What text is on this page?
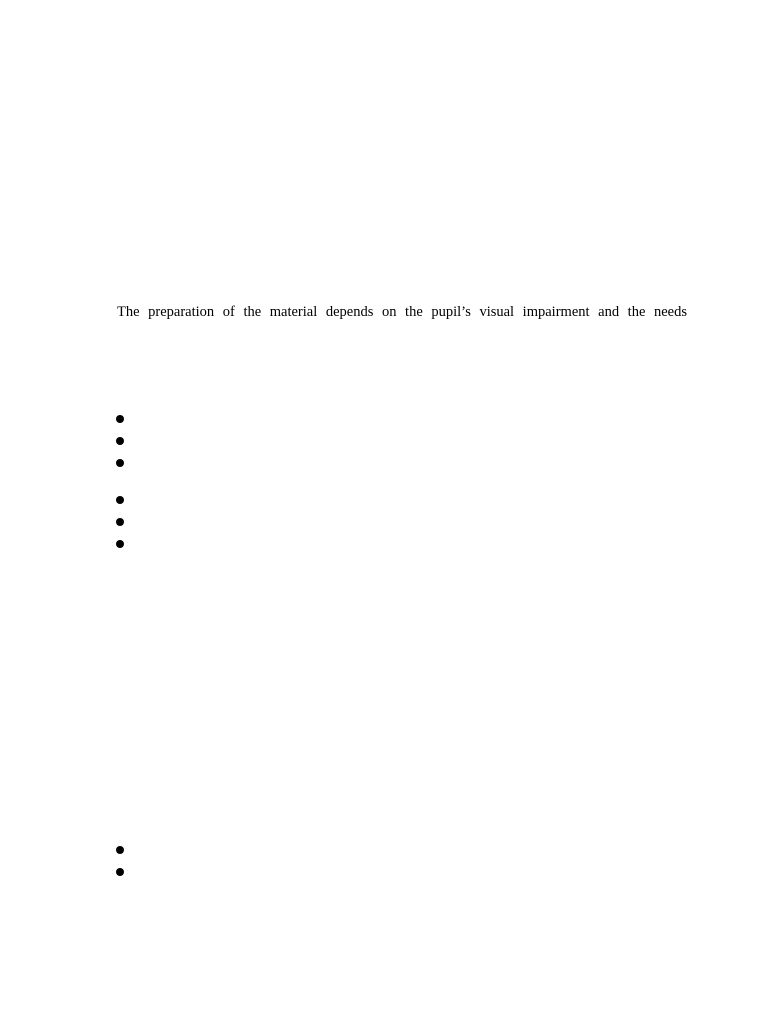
The preparation of the material depends on the pupil’s visual impairment and the needs
